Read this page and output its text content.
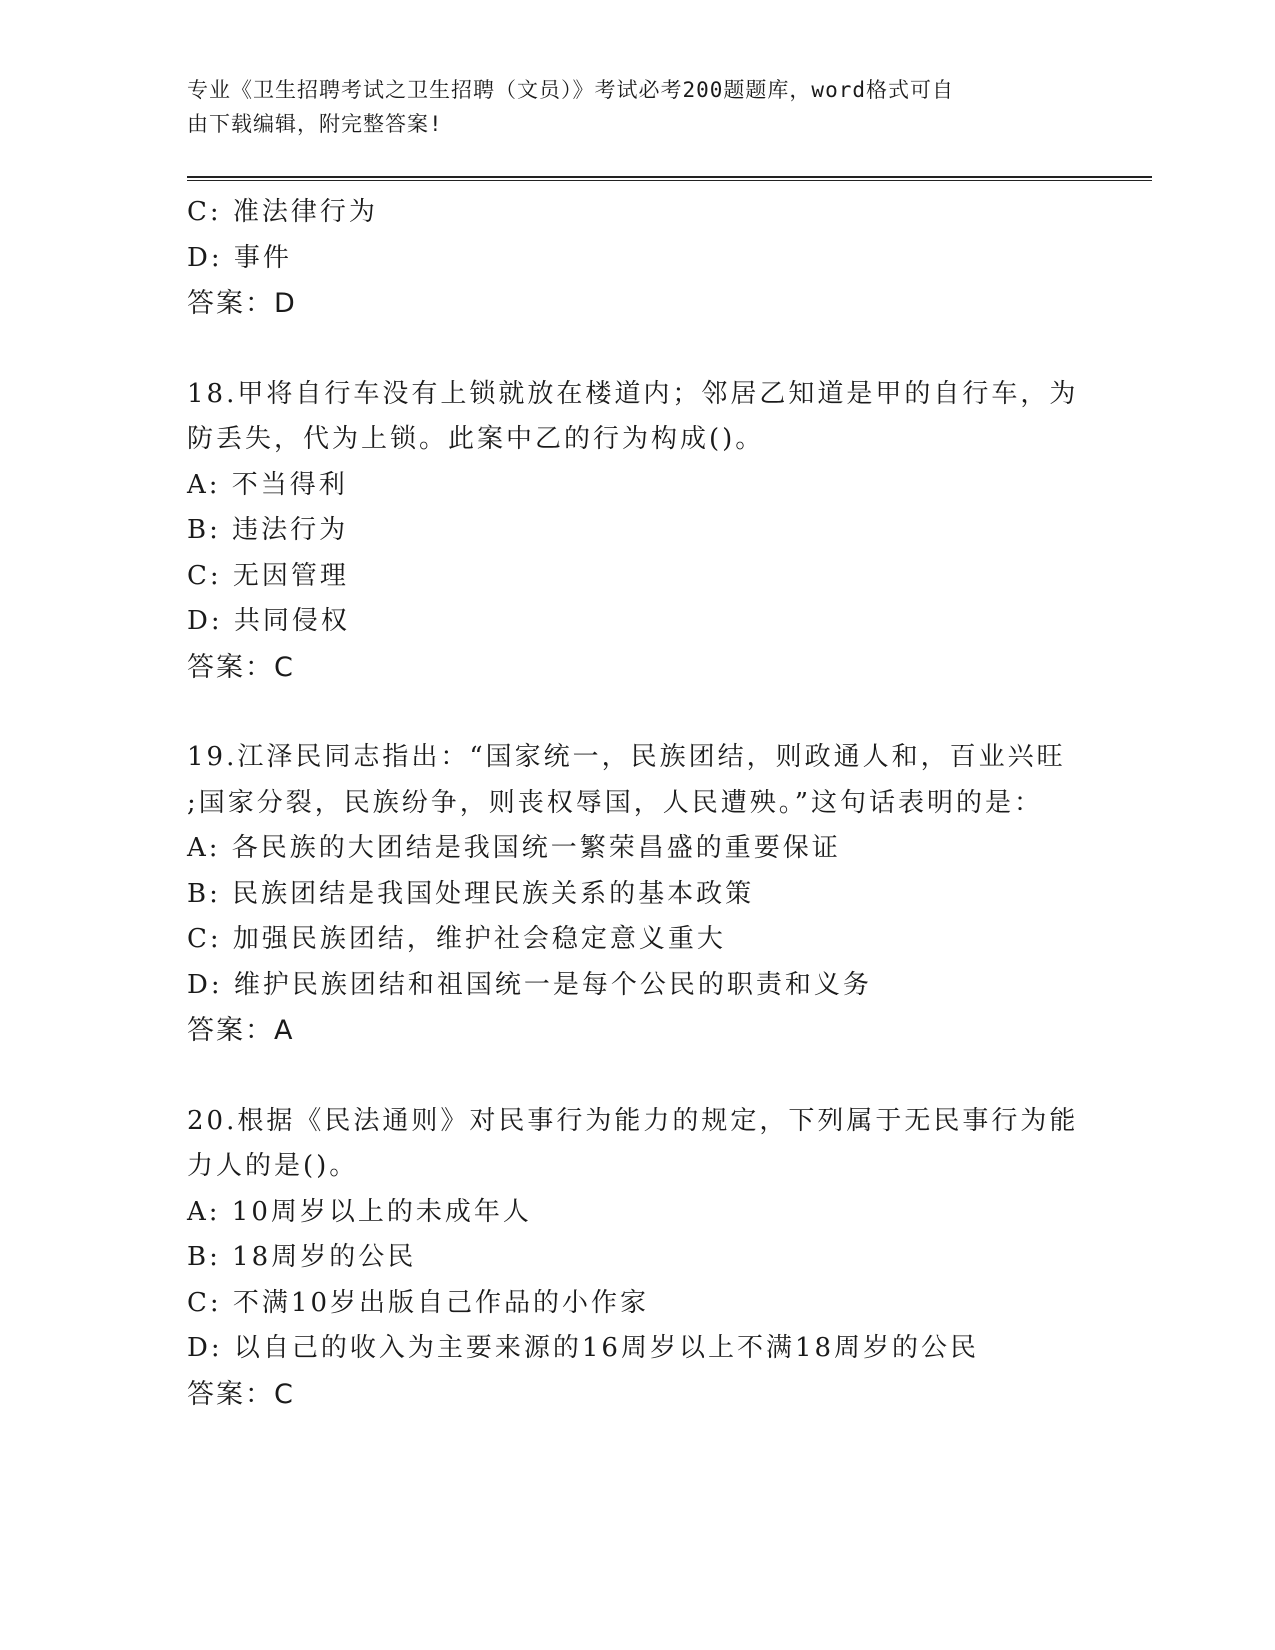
专业《卫生招聘考试之卫生招聘（文员）》考试必考200题题库，word格式可自
由下载编辑，附完整答案!
C: 准法律行为
D: 事件
答案：D
18.甲将自行车没有上锁就放在楼道内；邻居乙知道是甲的自行车，为
防丢失，代为上锁。此案中乙的行为构成()。
A: 不当得利
B: 违法行为
C: 无因管理
D: 共同侵权
答案：C
19.江泽民同志指出：“国家统一，民族团结，则政通人和，百业兴旺
;国家分裂，民族纷争，则丧权辱国，人民遭殃。”这句话表明的是：
A: 各民族的大团结是我国统一繁荣昌盛的重要保证
B: 民族团结是我国处理民族关系的基本政策
C: 加强民族团结，维护社会稳定意义重大
D: 维护民族团结和祖国统一是每个公民的职责和义务
答案：A
20.根据《民法通则》对民事行为能力的规定，下列属于无民事行为能
力人的是()。
A: 10周岁以上的未成年人
B: 18周岁的公民
C: 不满10岁出版自己作品的小作家
D: 以自己的收入为主要来源的16周岁以上不满18周岁的公民
答案：C
